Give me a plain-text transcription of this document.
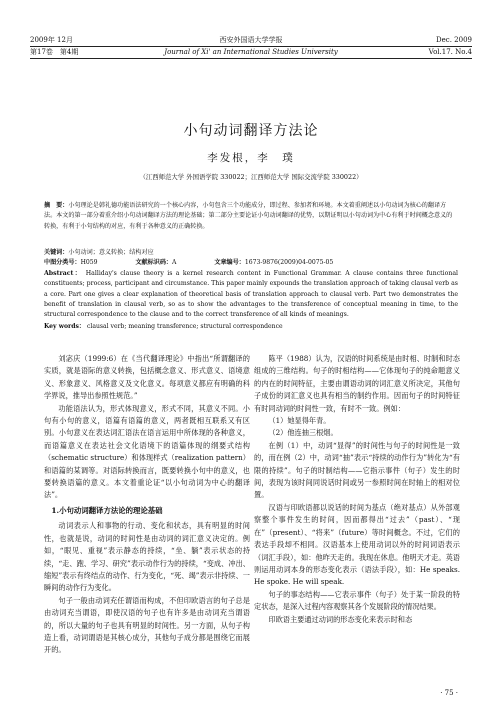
2009年 12月	西安外国语大学学报	Dec. 2009
第17卷　第4期	Journal of Xi' an International Studies University	Vol.17. No.4
小句动词翻译方法论
李发根，李　璞
（江西师范大学 外国语学院 330022；江西师范大学 国际交流学院 330022）
摘　要：小句理论是韩礼德功能语法研究的一个核心内容，小句包含三个功能成分，即过程、参加者和环境。本文着重阐述以小句动词为核心的翻译方法。本文的第一部分着重介绍小句动词翻译方法的理论基础；第二部分主要论证小句动词翻译的优势，以期证明以小句动词为中心有利于时间概念意义的转换，有利于小句结构的对应，有利于各种意义的正确转换。
关键词：小句动词；意义转换；结构对应
中图分类号：H059	文献标识码：A	文章编号：1673-9876(2009)04-0075-05
Abstract： Halliday's clause theory is a kernel research content in Functional Grammar. A clause contains three functional constituents; process, participant and circumstance. This paper mainly expounds the translation approach of taking clausal verb as a core. Part one gives a clear explanation of theoretical basis of translation approach to clausal verb. Part two demonstrates the benefit of translation in clausal verb, so as to show the advantages to the transference of conceptual meaning in time, to the structural correspondence to the clause and to the correct transference of all kinds of meanings.
Key words： clausal verb; meaning transference; structural correspondence

刘宓庆（1999:6）在《当代翻译理论》中指出“所谓翻译的实质，就是语际的意义转换，包括概念意义、形式意义、语境意义、形象意义、风格意义及文化意义。每项意义都应有明确的科学界说，推导出参照性规范。”

功能语法认为，形式体现意义，形式不同，其意义不同。小句有小句的意义，语篇有语篇的意义，两者既相互联系又有区别。小句意义在表达词汇语法在语言运用中所体现的各种意义，而语篇意义在表达社会文化语境下的语篇体现的纲要式结构（schematic structure）和体现样式（realization pattern）和语篇的某调等。对语际转换而言，既要转换小句中的意义，也要转换语篇的意义。本文着重论证“以小句动词为中心的翻译法”。

1.小句动词翻译方法论的理论基础

动词表示人和事物的行动、变化和状态，具有明显的时间性，也就是说，动词的时间性是由动词的词汇意义决定的。例如，“眼见、重视”表示静态的持续，“坐、躺”表示状态的持续，“走、跑、学习、研究”表示动作行为的持续，“变成、冲出、缩短”表示有终结点的动作、行为变化，“死、竭”表示非持续、一瞬间的动作行为变化。

句子一般由动词充任谓语而构成，不但印欧语言的句子总是由动词充当谓语，即使汉语的句子也有许多是由动词充当谓语的，所以大量的句子也具有明显的时间性。另一方面，从句子构造上看，动词谓语是其核心成分，其他句子成分都是围绕它而展开的。

陈平（1988）认为，汉语的时间系统是由时相、时制和时态组成的三维结构。句子的时相结构——它体现句子的纯命题意义的内在的时间特征，主要由谓语动词的词汇意义所决定，其他句子成份的词汇意义也具有相当的制约作用。因而句子的时间特征有时同动词的时间性一致，有时不一致。例如：

（1）她显得年青。

（2）他连抽三根烟。

在例（1）中，动词“显得”的时间性与句子的时间性是一致的，而在例（2）中，动词“抽”表示“持续的动作行为”转化为“有限的持续”。句子的时制结构——它指示事件（句子）发生的时间，表现为该时间同说话时间或另一参照时间在时轴上的相对位置。

汉语与印欧语都以说话的时间为基点（绝对基点）从外部观察整个事件发生的时间，因而都得出“过去”（past）、“现在”（present）、“将来”（future）等时间概念。不过，它们的表达手段却不相同。汉语基本上使用动词以外的时间词语表示（词汇手段），如：他昨天走的。我现在休息。他明天才走。英语则运用动词本身的形态变化表示（语法手段），如：He speaks. He spoke. He will speak.

句子的事态结构——它表示事件（句子）处于某一阶段的特定状态，是深入过程内容观察其各个发展阶段的情况结果。

印欧语主要通过动词的形态变化来表示时和态

· 75 ·
